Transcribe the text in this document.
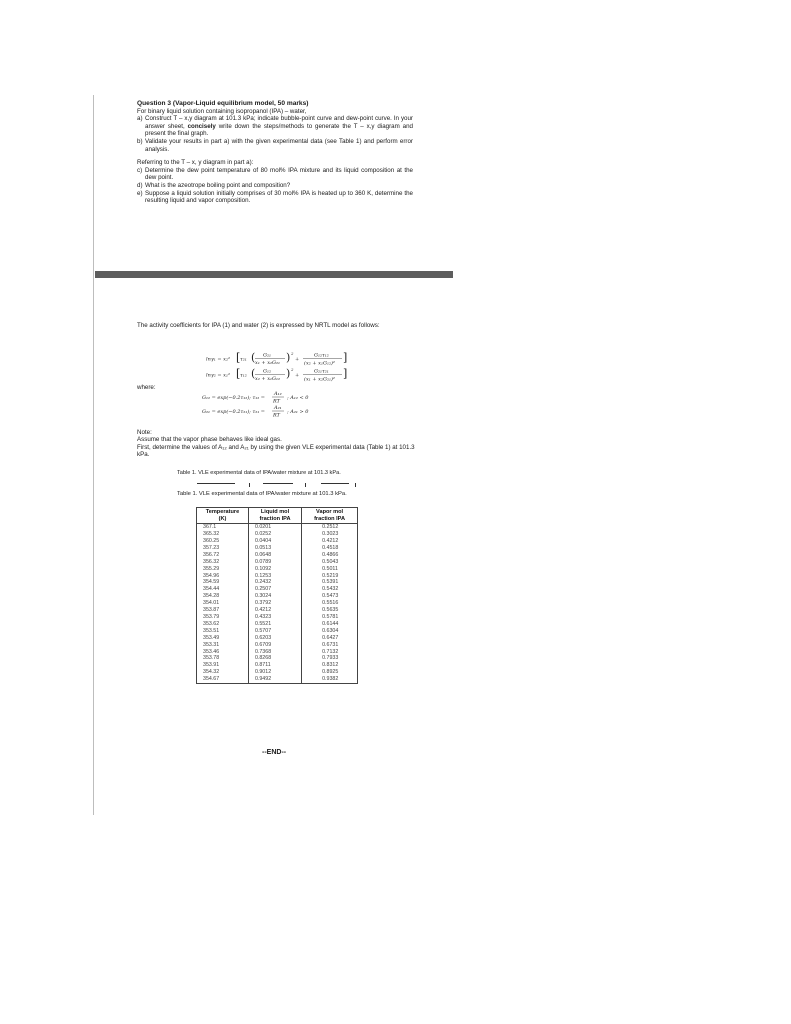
Question 3 (Vapor-Liquid equilibrium model, 50 marks)
For binary liquid solution containing isopropanol (IPA) – water,
a) Construct T – x,y diagram at 101.3 kPa; indicate bubble-point curve and dew-point curve. In your answer sheet, concisely write down the steps/methods to generate the T – x,y diagram and present the final graph.
b) Validate your results in part a) with the given experimental data (see Table 1) and perform error analysis.
Referring to the T – x, y diagram in part a):
c) Determine the dew point temperature of 80 mol% IPA mixture and its liquid composition at the dew point.
d) What is the azeotrope boiling point and composition?
e) Suppose a liquid solution initially comprises of 30 mol% IPA is heated up to 360 K, determine the resulting liquid and vapor composition.
The activity coefficients for IPA (1) and water (2) is expressed by NRTL model as follows:
lnγ₁ = x₂² [ τ₂₁ ( G₂₁
x₁ + x₂G₂₁ ) 2
+
G₁₂τ₁₂
(x₂ + x₁G₁₂)² ]
lnγ₂ = x₁² [ τ₁₂ ( G₁₂
x₂ + x₁G₁₂ ) 2
+
G₂₁τ₂₁
(x₁ + x₂G₂₁)² ]
G₁₂ = exp(−0.2τ₁₂); τ₁₂ =
A₁₂
RT
; A₁₂ < 0
G₂₁ = exp(−0.2τ₂₁); τ₂₁ =
A₂₁
RT
; A₂₁ > 0
where:
Note:
Assume that the vapor phase behaves like ideal gas.
First, determine the values of A₁₂ and A₂₁ by using the given VLE experimental data (Table 1) at 101.3 kPa.
Table 1. VLE experimental data of IPA/water mixture at 101.3 kPa.
Table 1. VLE experimental data of IPA/water mixture at 101.3 kPa.
Temperature
(K)	Liquid mol
fraction IPA	Vapor mol
fraction IPA
367.1	0.0201	0.2512
365.32	0.0252	0.3023
360.25	0.0404	0.4212
357.23	0.0513	0.4518
356.72	0.0648	0.4866
356.32	0.0789	0.5043
355.29	0.1092	0.5011
354.96	0.1253	0.5219
354.59	0.2432	0.5391
354.44	0.2507	0.5432
354.28	0.3024	0.5473
354.01	0.3792	0.5516
353.87	0.4212	0.5635
353.79	0.4323	0.5781
353.62	0.5521	0.6144
353.51	0.5707	0.6304
353.49	0.6203	0.6427
353.31	0.6709	0.6731
353.46	0.7368	0.7132
353.78	0.8268	0.7933
353.91	0.8711	0.8312
354.32	0.9012	0.8925
354.67	0.9492	0.9382
--END--
